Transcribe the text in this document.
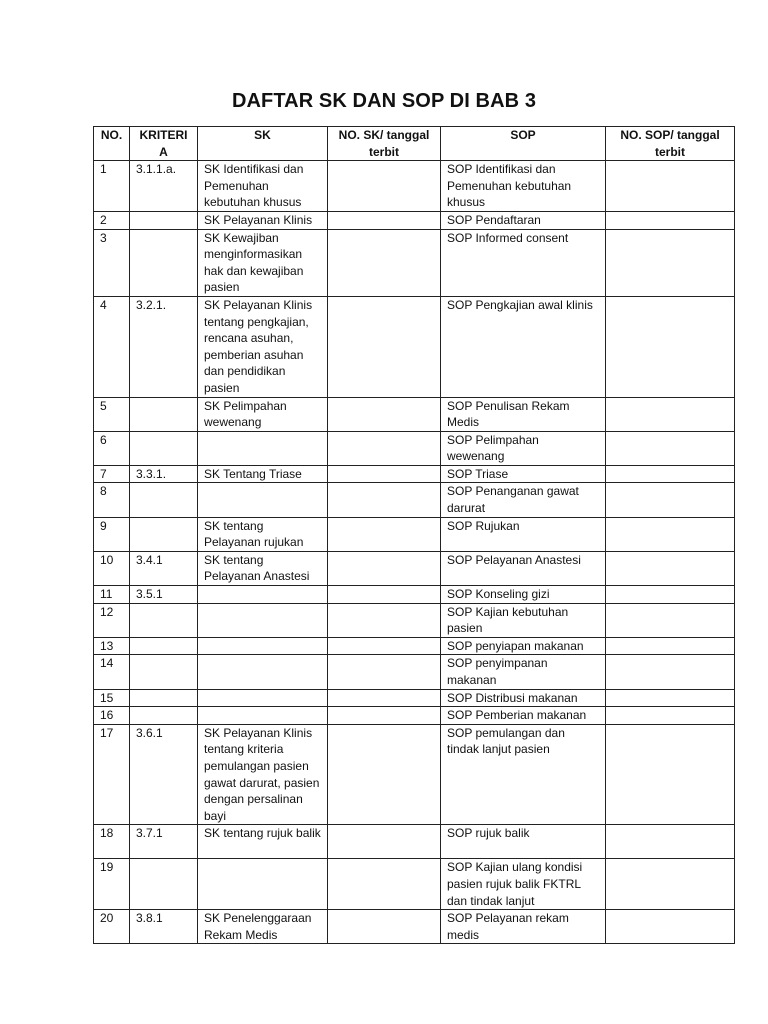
DAFTAR SK DAN SOP DI BAB 3
NO.	KRITERI A	SK	NO. SK/ tanggal terbit	SOP	NO. SOP/ tanggal terbit
1	3.1.1.a.	SK Identifikasi dan Pemenuhan kebutuhan khusus		SOP Identifikasi dan Pemenuhan kebutuhan khusus	
2		SK Pelayanan Klinis		SOP Pendaftaran	
3		SK Kewajiban menginformasikan hak dan kewajiban pasien		SOP Informed consent	
4	3.2.1.	SK Pelayanan Klinis tentang pengkajian, rencana asuhan, pemberian asuhan dan pendidikan pasien		SOP Pengkajian awal klinis	
5		SK Pelimpahan wewenang		SOP Penulisan Rekam Medis	
6				SOP Pelimpahan wewenang	
7	3.3.1.	SK Tentang Triase		SOP Triase	
8				SOP Penanganan gawat darurat	
9		SK tentang Pelayanan rujukan		SOP Rujukan	
10	3.4.1	SK tentang Pelayanan Anastesi		SOP Pelayanan Anastesi	
11	3.5.1			SOP Konseling gizi	
12				SOP Kajian kebutuhan pasien	
13				SOP penyiapan makanan	
14				SOP penyimpanan makanan	
15				SOP Distribusi makanan	
16				SOP Pemberian makanan	
17	3.6.1	SK Pelayanan Klinis tentang kriteria pemulangan pasien gawat darurat, pasien dengan persalinan bayi		SOP pemulangan dan tindak lanjut pasien	
18	3.7.1	SK tentang rujuk balik		SOP rujuk balik	
19				SOP Kajian ulang kondisi pasien rujuk balik FKTRL dan tindak lanjut	
20	3.8.1	SK Penelenggaraan Rekam Medis		SOP Pelayanan rekam medis	
